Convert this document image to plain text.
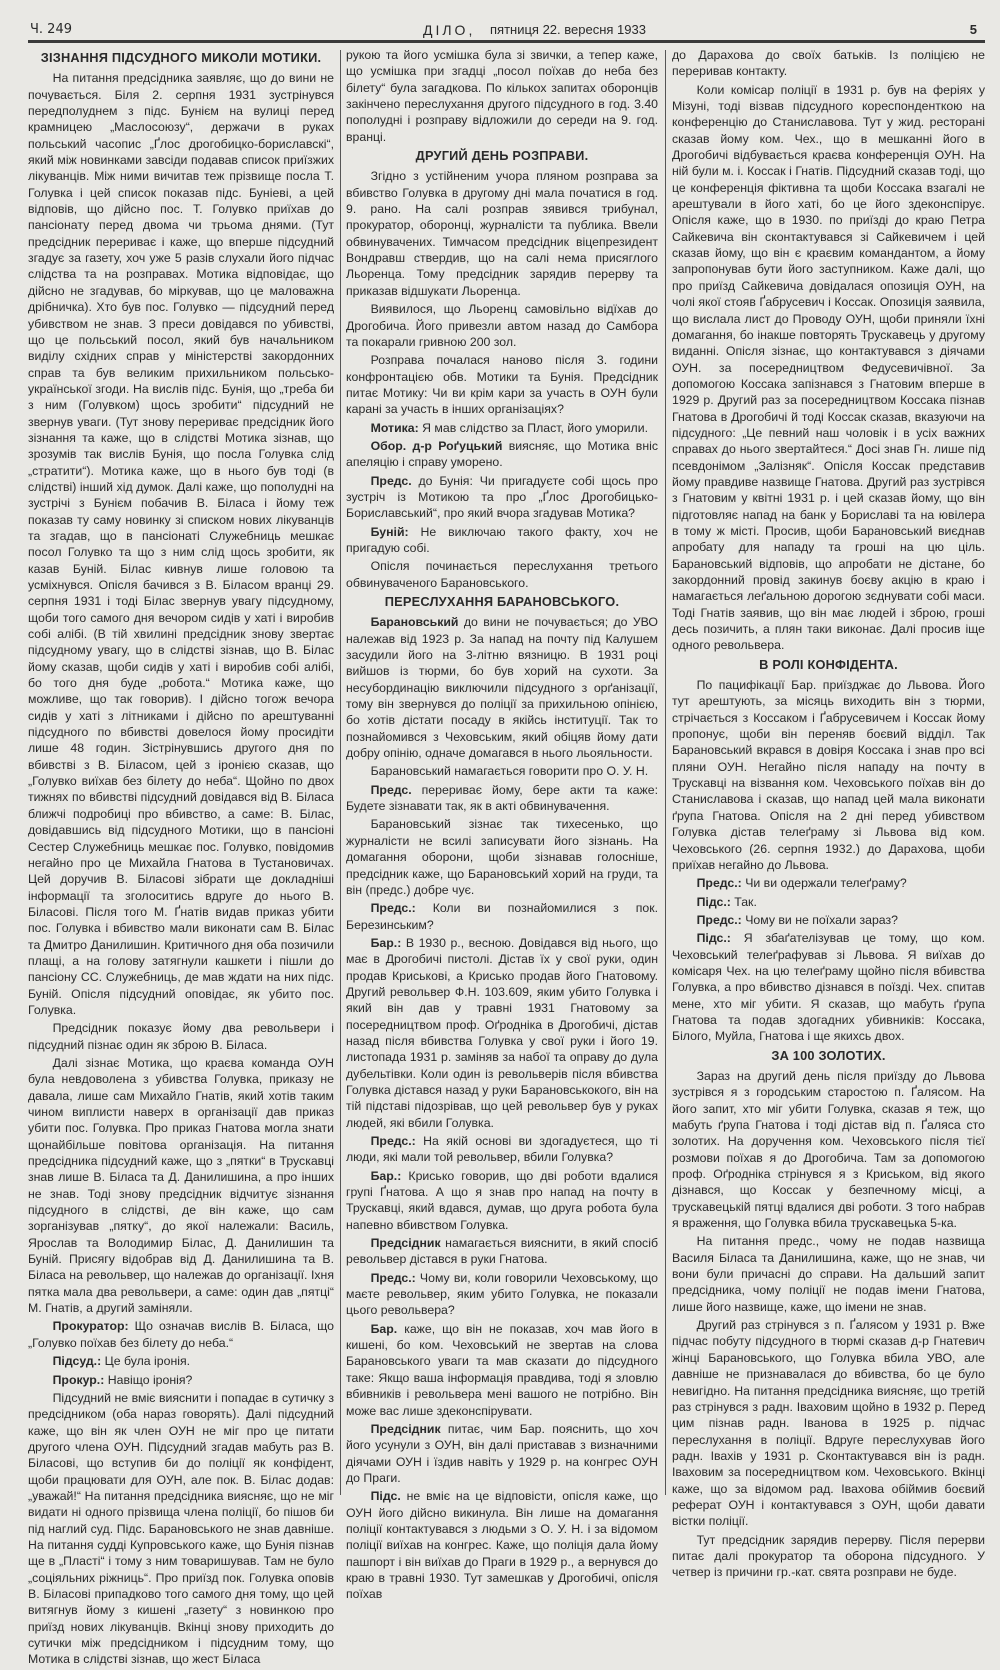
Ч. 249	ДІЛО, пятниця 22. вересня 1933	5
ЗІЗНАННЯ ПІДСУДНОГО МИКОЛИ МОТИКИ.
На питання предсідника заявляє, що до вини не почувається. Біля 2. серпня 1931 зустрінувся передполуднем з підс. Бунієм на вулиці перед крамницею „Маслосоюзу“, держачи в руках польський часопис „Ґлос дрогобицко-бориславскі“, який між новинками завсіди подавав список приїзжих лікуванців. Між ними вичитав теж прізвище посла Т. Голувка і цей список показав підс. Буніеві, а цей відповів, що дійсно пос. Т. Голувко приїхав до пансіонату перед двома чи трьома днями. (Тут предсідник перериває і каже, що вперше підсудний згадує за газету, хоч уже 5 разів слухали його підчас слідства та на розправах. Мотика відповідає, що дійсно не згадував, бо міркував, що це маловажна дрібничка). Хто був пос. Голувко — підсудний перед убивством не знав. З преси довідався по убивстві, що це польський посол, який був начальником виділу східних справ у міністерстві закордонних справ та був великим прихильником польсько-української згоди. На вислів підс. Бунія, що „треба би з ним (Голувком) щось зробити“ підсудний не звернув уваги. (Тут знову перериває предсідник його зізнання та каже, що в слідстві Мотика зізнав, що зрозумів так вислів Бунія, що посла Голувка слід „стратити“). Мотика каже, що в нього був тоді (в слідстві) інший хід думок. Далі каже, що пополудні на зустрічі з Бунієм побачив В. Біласа і йому теж показав ту саму новинку зі списком нових лікуванців та згадав, що в пансіонаті Служебниць мешкає посол Голувко та що з ним слід щось зробити, як казав Буній. Білас кивнув лише головою та усміхнувся. Опісля бачився з В. Біласом вранці 29. серпня 1931 і тоді Білас звернув увагу підсудному, щоби того самого дня вечором сидів у хаті і виробив собі алібі. (В тій хвилині предсідник знову звертає підсудному увагу, що в слідстві зізнав, що В. Білас йому сказав, щоби сидів у хаті і виробив собі алібі, бо того дня буде „робота.“ Мотика каже, що можливе, що так говорив). І дійсно тогож вечора сидів у хаті з літниками і дійсно по арештуванні підсудного по вбивстві довелося йому просидіти лише 48 годин. Зістрінувшись другого дня по вбивстві з В. Біласом, цей з іронією сказав, що „Голувко виїхав без білету до неба“. Щойно по двох тижнях по вбивстві підсудний довідався від В. Біласа ближчі подробиці про вбивство, а саме: В. Білас, довідавшись від підсудного Мотики, що в пансіоні Сестер Служебниць мешкає пос. Голувко, повідомив негайно про це Михайла Гнатова в Тустановичах. Цей доручив В. Біласові зібрати ще докладніші інформації та зголоситись вдруге до нього В. Біласові. Після того М. Ґнатів видав приказ убити пос. Голувка і вбивство мали виконати сам В. Білас та Дмитро Данилишин. Критичного дня оба позичили плащі, а на голову затягнули кашкети і пішли до пансіону СС. Служебниць, де мав ждати на них підс. Буній. Опісля підсудний оповідає, як убито пос. Голувка.
Предсідник показує йому два револьвери і підсудний пізнає один як зброю В. Біласа.
Далі зізнає Мотика, що краєва команда ОУН була невдоволена з убивства Голувка, приказу не давала, лише сам Михайло Гнатів, який хотів таким чином виплисти наверх в організації дав приказ убити пос. Голувка. Про приказ Гнатова могла знати щонайбільше повітова організація. На питання предсідника підсудний каже, що з „пятки“ в Трускавці знав лише В. Біласа та Д. Данилишина, а про інших не знав. Тоді знову предсідник відчитує зізнання підсудного в слідстві, де він каже, що сам зорганізував „пятку“, до якої належали: Василь, Ярослав та Володимир Білас, Д. Данилишин та Буній. Присягу відобрав від Д. Данилишина та В. Біласа на револьвер, що належав до організації. Іхня пятка мала два револьвери, а саме: один дав „пятці“ М. Гнатів, а другий заміняли.
Прокуратор: Що означав вислів В. Біласа, що „Голувко поїхав без білету до неба.“
Підсуд.: Це була іронія.
Прокур.: Навіщо іронія?
Підсудний не вміє вияснити і попадає в сутичку з предсідником (оба нараз говорять). Далі підсудний каже, що він як член ОУН не міг про це питати другого члена ОУН. Підсудний згадав мабуть раз В. Біласові, що вступив би до поліції як конфідент, щоби працювати для ОУН, але пок. В. Білас додав: „уважай!“ На питання предсідника виясняє, що не міг видати ні одного прізвища члена поліції, бо пішов би під наглий суд. Підс. Барановського не знав давніше. На питання судді Купровського каже, що Бунія пізнав ще в „Пласті“ і тому з ним товаришував. Там не було „соціяльних ріжниць“. Про приїзд пок. Голувка оповів В. Біласові припадково того самого дня тому, що цей витягнув йому з кишені „газету“ з новинкою про приїзд нових лікуванців. Вкінці знову приходить до сутички між предсідником і підсудним тому, що Мотика в слідстві зізнав, що жест Біласа
рукою та його усмішка була зі звички, а тепер каже, що усмішка при згадці „посол поїхав до неба без білету“ була загадкова. По кількох запитах оборонців закінчено переслухання другого підсудного в год. 3.40 пополудні і розправу відложили до середи на 9. год. вранці.
ДРУГИЙ ДЕНЬ РОЗПРАВИ.
Згідно з устійненим учора пляном розправа за вбивство Голувка в другому дні мала початися в год. 9. рано. На салі розправ зявився трибунал, прокуратор, оборонці, журналісти та публика. Ввели обвинувачених. Тимчасом предсідник віцепрезидент Вондравш ствердив, що на салі нема присяглого Льоренца. Тому предсідник зарядив перерву та приказав відшукати Льоренца.
Виявилося, що Льоренц самовільно відїхав до Дрогобича. Його привезли автом назад до Самбора та покарали гривною 200 зол.
Розправа почалася наново після 3. години конфронтацією обв. Мотики та Бунія. Предсідник питає Мотику: Чи ви крім кари за участь в ОУН були карані за участь в інших організаціях?
Мотика: Я мав слідство за Пласт, його уморили.
Обор. д-р Роґуцький виясняє, що Мотика вніс апеляцію і справу уморено.
Предс. до Бунія: Чи пригадуєте собі щось про зустріч із Мотикою та про „Ґлос Дрогобицько-Бориславський“, про який вчора згадував Мотика?
Буній: Не виключаю такого факту, хоч не пригадую собі.
Опісля починається переслухання третього обвинуваченого Барановського.
ПЕРЕСЛУХАННЯ БАРАНОВСЬКОГО.
Барановський до вини не почувається; до УВО належав від 1923 р. За напад на почту під Калушем засудили його на 3-літню вязницю. В 1931 році вийшов із тюрми, бо був хорий на сухоти. За несубординацію виключили підсудного з орґанізації, тому він звернувся до поліції за прихильною опінією, бо хотів дістати посаду в якійсь інституції. Так то познайомився з Чеховським, який обіцяв йому дати добру опінію, одначе домагався в нього льояльности.
Барановський намагається говорити про О. У. Н.
Предс. перериває йому, бере акти та каже: Будете зізнавати так, як в акті обвинувачення.
Барановський зізнає так тихесенько, що журналісти не всилі записувати його зізнань. На домагання оборони, щоби зізнавав голосніше, предсідник каже, що Барановський хорий на груди, та він (предс.) добре чує.
Предс.: Коли ви познайомилися з пок. Березинським?
Бар.: В 1930 р., весною. Довідався від нього, що має в Дрогобичі пистолі. Дістав їх у свої руки, один продав Криськові, а Крисько продав його Гнатовому. Другий револьвер Ф.Н. 103.609, яким убито Голувка і який він дав у травні 1931 Гнатовому за посередництвом проф. Оґродніка в Дрогобичі, дістав назад після вбивства Голувка у свої руки і його 19. листопада 1931 р. заміняв за набої та оправу до дула дубельтівки. Коли один із револьверів після вбивства Голувка дістався назад у руки Барановськокого, він на тій підставі підозрівав, що цей револьвер був у руках людей, які вбили Голувка.
Предс.: На якій основі ви здогадуєтеся, що ті люди, які мали той револьвер, вбили Голувка?
Бар.: Крисько говорив, що дві роботи вдалися групі Ґнатова. А що я знав про напад на почту в Трускавці, який вдався, думав, що друга робота була напевно вбивством Голувка.
Предсідник намагається вияснити, в який спосіб револьвер дістався в руки Гнатова.
Предс.: Чому ви, коли говорили Чеховському, що маєте револьвер, яким убито Голувка, не показали цього револьвера?
Бар. каже, що він не показав, хоч мав його в кишені, бо ком. Чеховський не звертав на слова Барановського уваги та мав сказати до підсудного таке: Якщо ваша інформація правдива, тоді я зловлю вбивників і револьвера мені вашого не потрібно. Він може вас лише здеконспірувати.
Предсідник питає, чим Бар. пояснить, що хоч його усунули з ОУН, він далі приставав з визначними діячами ОУН і їздив навіть у 1929 р. на конгрес ОУН до Праги.
Підс. не вміє на це відповісти, опісля каже, що ОУН його дійсно викинула. Він лише на домагання поліції контактувався з людьми з О. У. Н. і за відомом поліції виїхав на конгрес. Каже, що поліція дала йому пашпорт і він виїхав до Праги в 1929 р., а вернувся до краю в травні 1930. Тут замешкав у Дрогобичі, опісля поїхав
до Дарахова до своїх батьків. Із поліцією не переривав контакту.
Коли комісар поліції в 1931 р. був на феріях у Мізуні, тоді візвав підсудного кореспонденткою на конференцію до Станиславова. Тут у жид. ресторані сказав йому ком. Чех., що в мешканні його в Дрогобичі відбувається краєва конференція ОУН. На ній були м. і. Коссак і Гнатів. Підсудний сказав тоді, що це конференція фіктивна та щоби Коссака взагалі не арештували в його хаті, бо це його здеконспірує. Опісля каже, що в 1930. по приїзді до краю Петра Сайкевича він сконтактувався зі Сайкевичем і цей сказав йому, що він є краєвим командантом, а йому запропонував бути його заступником. Каже далі, що про приїзд Сайкевича довідалася опозиція ОУН, на чолі якої стояв Ґабрусевич і Коссак. Опозиція заявила, що вислала лист до Проводу ОУН, щоби приняли їхні домагання, бо інакше повторять Трускавець у другому виданні. Опісля зізнає, що контактувався з діячами ОУН. за посередництвом Федусевичівної. За допомогою Коссака запізнався з Гнатовим вперше в 1929 р. Другий раз за посередництвом Коссака пізнав Гнатова в Дрогобичі й тоді Коссак сказав, вказуючи на підсудного: „Це певний наш чоловік і в усіх важних справах до нього звертайтеся.“ Досі знав Гн. лише під псевдонімом „Залізняк“. Опісля Коссак представив йому правдиве назвище Гнатова. Другий раз зустрівся з Гнатовим у квітні 1931 р. і цей сказав йому, що він підготовляє напад на банк у Бориславі та на ювілера в тому ж місті. Просив, щоби Барановський виєднав апробату для нападу та гроші на цю ціль. Барановський відповів, що апробати не дістане, бо закордонний провід закинув боєву акцію в краю і намагається леґальною дорогою зєднувати собі маси. Тоді Гнатів заявив, що він має людей і зброю, гроші десь позичить, а плян таки виконає. Далі просив іще одного револьвера.
В РОЛІ КОНФІДЕНТА.
По пацифікації Бар. приїзджає до Львова. Його тут арештують, за місяць виходить він з тюрми, стрічається з Коссаком і Ґабрусевичем і Коссак йому пропонує, щоби він переняв боєвий відділ. Так Барановський вкрався в довіря Коссака і знав про всі пляни ОУН. Негайно після нападу на почту в Трускавці на візвання ком. Чеховського поїхав він до Станиславова і сказав, що напад цей мала виконати ґрупа Гнатова. Опісля на 2 дні перед убивством Голувка дістав телеґраму зі Львова від ком. Чеховського (26. серпня 1932.) до Дарахова, щоби приїхав негайно до Львова.
Предс.: Чи ви одержали телеґраму?
Підс.: Так.
Предс.: Чому ви не поїхали зараз?
Підс.: Я збаґателізував це тому, що ком. Чеховський телеґрафував зі Львова. Я виїхав до комісаря Чех. на цю телеґраму щойно після вбивства Голувка, а про вбивство дізнався в поїзді. Чех. спитав мене, хто міг убити. Я сказав, що мабуть ґрупа Гнатова та подав здогадних убивників: Коссака, Білого, Муйла, Гнатова і ще якихсь двох.
ЗА 100 ЗОЛОТИХ.
Зараз на другий день після приїзду до Львова зустрівся я з городським старостою п. Ґалясом. На його запит, хто міг убити Голувка, сказав я теж, що мабуть ґрупа Гнатова і тоді дістав від п. Ґаляса сто золотих. На доручення ком. Чеховського після тієї розмови поїхав я до Дрогобича. Там за допомогою проф. Оґродніка стрінувся я з Криськом, від якого дізнався, що Коссак у безпечному місці, а трускавецькій пятці вдалися дві роботи. З того набрав я враження, що Голувка вбила трускавецька 5-ка.
На питання предс., чому не подав назвища Василя Біласа та Данилишина, каже, що не знав, чи вони були причасні до справи. На дальший запит предсідника, чому поліції не подав імени Гнатова, лише його назвище, каже, що імени не знав.
Другий раз стрінувся з п. Ґалясом у 1931 р. Вже підчас побуту підсудного в тюрмі сказав д-р Гнатевич жінці Барановського, що Голувка вбила УВО, але давніше не признавалася до вбивства, бо це було невигідно. На питання предсідника виясняє, що третій раз стрінувся з радн. Іваховим щойно в 1932 р. Перед цим пізнав радн. Іванова в 1925 р. підчас переслухання в поліції. Вдруге переслухував його радн. Івахів у 1931 р. Сконтактувався він із радн. Іваховим за посередництвом ком. Чеховського. Вкінці каже, що за відомом рад. Іваxова обіймив боєвий реферат ОУН і контактувався з ОУН, щоби давати вістки поліції.
Тут предсідник зарядив перерву. Після перерви питає далі прокуратор та оборона підсудного. У четвер із причини гр.-кат. свята розправи не буде.
